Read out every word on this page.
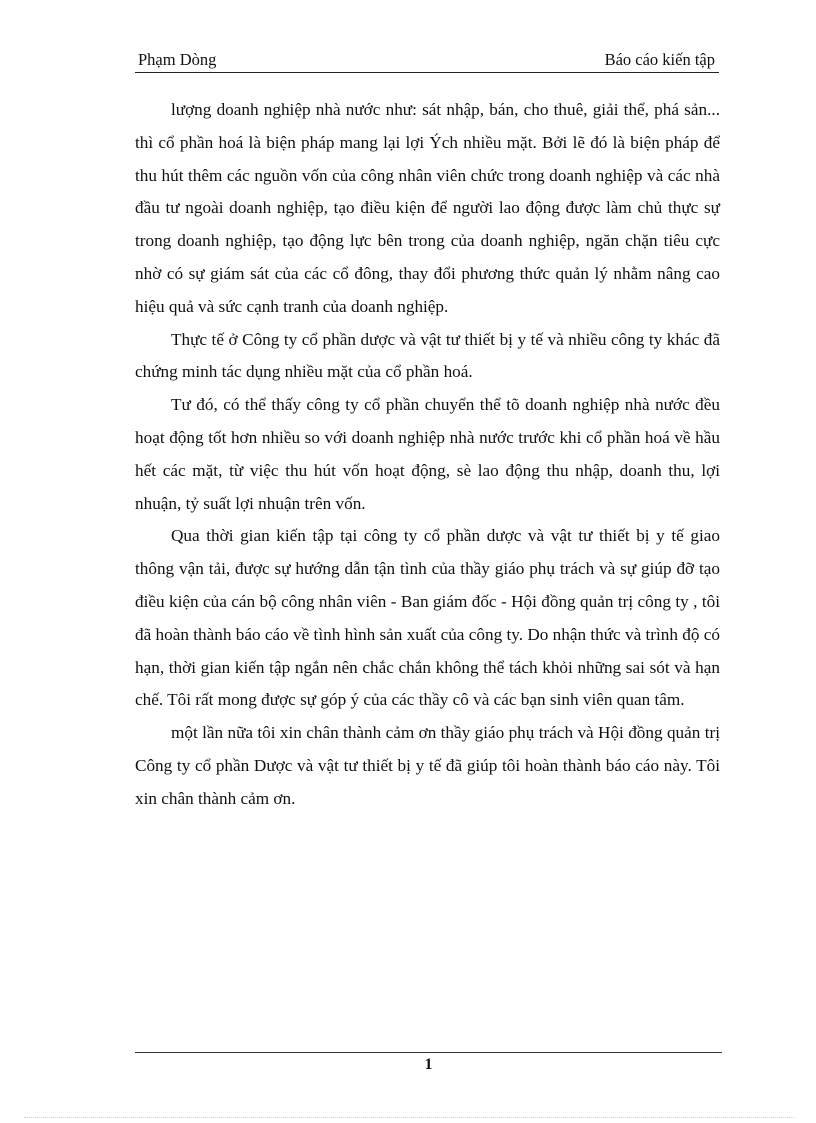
Phạm Dòng	Báo cáo kiến tập

lượng doanh nghiệp nhà nước như: sát nhập, bán, cho thuê, giải thể, phá sản... thì cổ phần hoá là biện pháp mang lại lợi Ých nhiều mặt. Bởi lẽ đó là biện pháp để thu hút thêm các nguồn vốn của công nhân viên chức trong doanh nghiệp và các nhà đầu tư ngoài doanh nghiệp, tạo điều kiện để người lao động được làm chủ thực sự trong doanh nghiệp, tạo động lực bên trong của doanh nghiệp, ngăn chặn tiêu cực nhờ có sự giám sát của các cổ đông, thay đổi phương thức quản lý nhằm nâng cao hiệu quả và sức cạnh tranh của doanh nghiệp.

Thực tế ở Công ty cổ phần dược và vật tư thiết bị y tế và nhiều công ty khác đã chứng minh tác dụng nhiều mặt của cổ phần hoá.

Tư đó, có thể thấy công ty cổ phần chuyển thể tõ doanh nghiệp nhà nước đều hoạt động tốt hơn nhiều so với doanh nghiệp nhà nước trước khi cổ phần hoá về hầu hết các mặt, từ việc thu hút vốn hoạt động, sè lao động thu nhập, doanh thu, lợi nhuận, tỷ suất lợi nhuận trên vốn.

Qua thời gian kiến tập tại công ty cổ phần dược và vật tư thiết bị y tế giao thông vận tải, được sự hướng dẫn tận tình của thầy giáo phụ trách và sự giúp đỡ tạo điều kiện của cán bộ công nhân viên - Ban giám đốc - Hội đồng quản trị công ty , tôi đã hoàn thành báo cáo về tình hình sản xuất của công ty. Do nhận thức và trình độ có hạn, thời gian kiến tập ngắn nên chắc chắn không thể tách khỏi những sai sót và hạn chế. Tôi rất mong được sự góp ý của các thầy cô và các bạn sinh viên quan tâm.

một lần nữa tôi xin chân thành cảm ơn thầy giáo phụ trách và Hội đồng quản trị Công ty cổ phần Dược và vật tư thiết bị y tế đã giúp tôi hoàn thành báo cáo này. Tôi xin chân thành cảm ơn.

1
